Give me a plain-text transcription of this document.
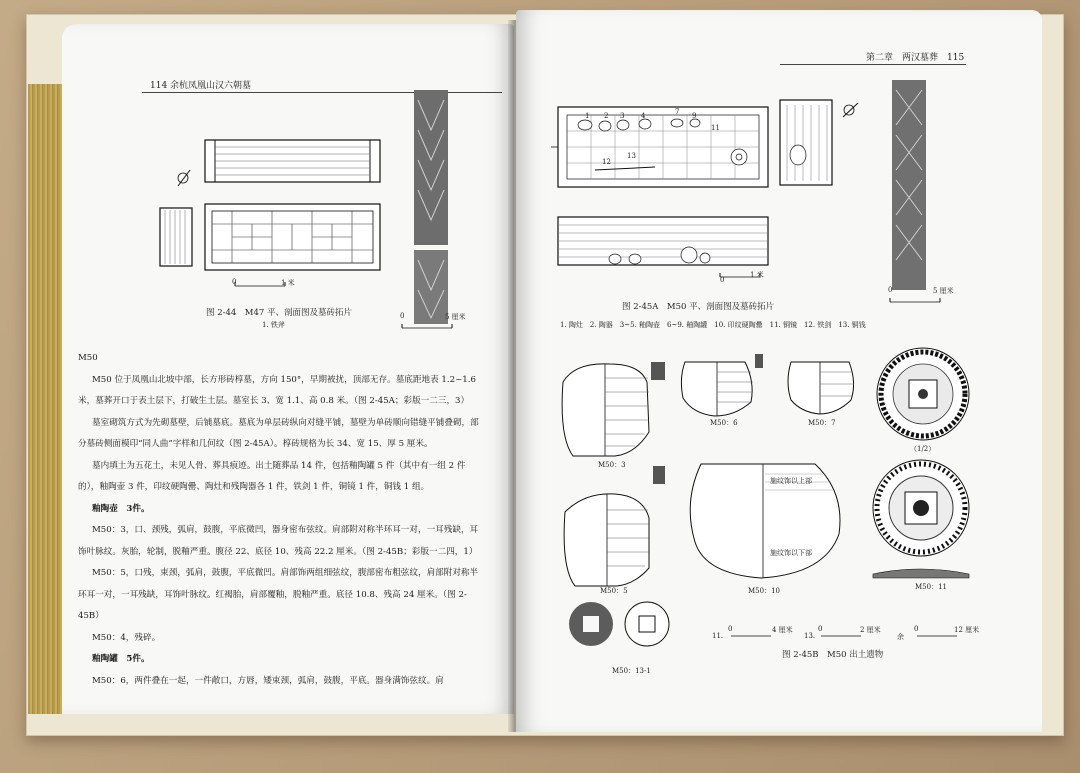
114 余杭凤凰山汉六朝墓
0	1 米
0	5 厘米
图 2-44　M47 平、剖面图及墓砖拓片
1. 铁斧

M50

M50 位于凤凰山北坡中部，长方形砖椁墓，方向 150°，早期被扰，顶部无存。墓底距地表 1.2~1.6 米，墓葬开口于表土层下，打破生土层。墓室长 3、宽 1.1、高 0.8 米。（图 2-45A；彩版一二三，3）

墓室砌筑方式为先砌墓壁，后铺墓底。墓底为单层砖纵向对缝平铺，墓壁为单砖顺向错缝平铺叠砌，部分墓砖侧面模印“同人曲”字样和几何纹（图 2-45A）。椁砖规格为长 34、宽 15、厚 5 厘米。

墓内填土为五花土，未见人骨、葬具痕迹。出土随葬品 14 件，包括釉陶罐 5 件（其中有一组 2 件的），釉陶壶 3 件，印纹硬陶罍、陶灶和残陶器各 1 件，铁剑 1 件，铜镜 1 件，铜钱 1 组。

釉陶壶　3件。

M50：3，口、颈残，弧肩，鼓腹，平底微凹，器身密布弦纹。肩部附对称半环耳一对，一耳残缺，耳饰叶脉纹。灰胎，轮制，脱釉严重。腹径 22、底径 10、残高 22.2 厘米。（图 2-45B；彩版一二四，1）

M50：5，口残，束颈，弧肩，鼓腹，平底微凹。肩部饰两组细弦纹，腹部密布粗弦纹，肩部附对称半环耳一对，一耳残缺，耳饰叶脉纹。红褐胎，肩部覆釉，脱釉严重。底径 10.8、残高 24 厘米。（图 2-45B）

M50：4，残碎。

釉陶罐　5件。

M50：6，两件叠在一起，一件敞口，方唇，矮束颈，弧肩，鼓腹，平底。器身满饰弦纹。肩

第二章　两汉墓葬　115
1 2 3 4	7 9
11
12
13
0
1 米
0	5 厘米
图 2-45A　M50 平、剖面图及墓砖拓片
1. 陶灶　2. 陶器　3~5. 釉陶壶　6~9. 釉陶罐　10. 印纹硬陶罍　11. 铜镜　12. 铁剑　13. 铜钱
M50：3
M50：6	M50：7
（1/2）
M50：5	M50：10	M50：11
M50：13-1
施纹饰以上部
施纹饰以下部
11.
0	4 厘米
13.
0	2 厘米
余
0	12 厘米
图 2-45B　M50 出土遗物
